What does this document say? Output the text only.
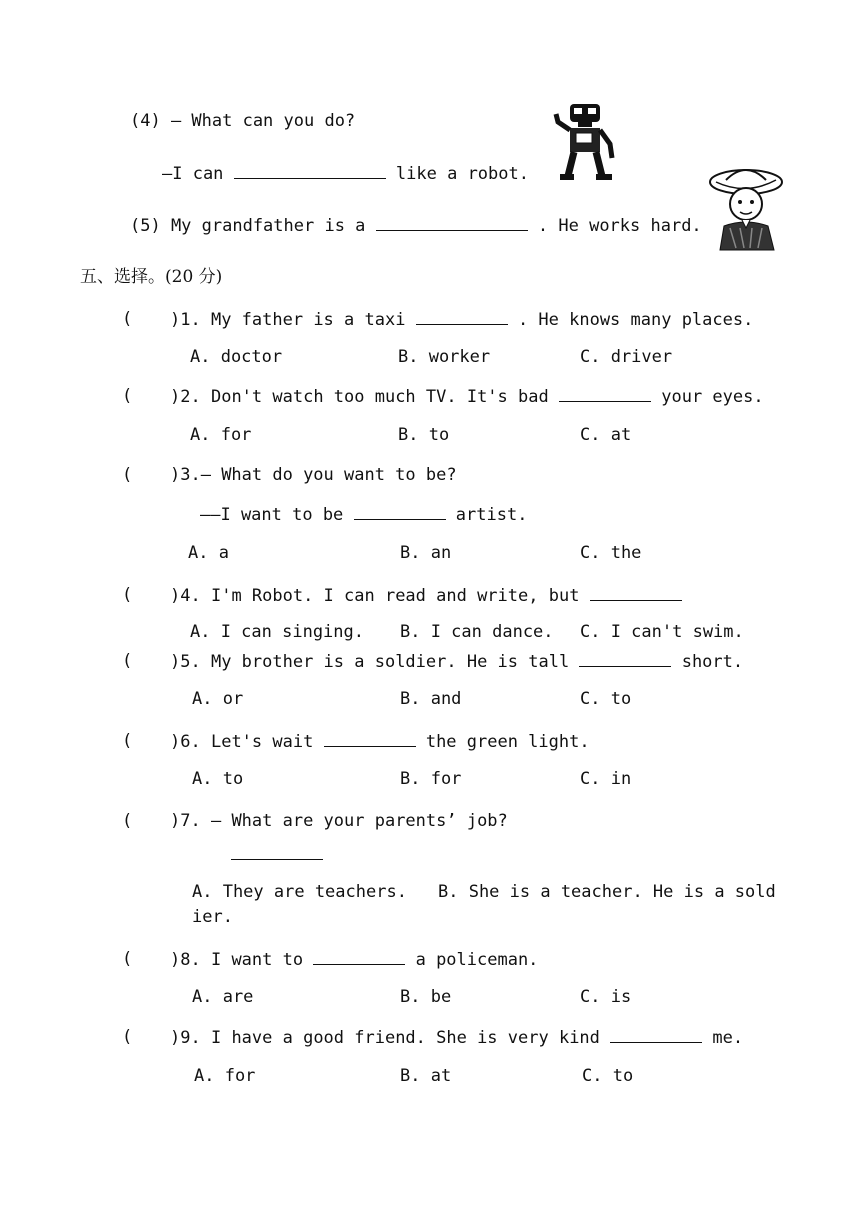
(4) — What can you do?
—I can	like a robot.
(5) My grandfather is a	. He works hard.
五、选择。(20 分)
( )1. My father is a taxi	. He knows many places.
A. doctor	B. worker	C. driver
( )2. Don't watch too much TV. It's bad	your eyes.
A. for	B. to	C. at
( )3.— What do you want to be?
——I want to be	artist.
A. a	B. an	C. the
( )4. I'm Robot. I can read and write, but
A. I can singing. B. I can dance. C. I can't swim.
( )5. My brother is a soldier. He is tall	short.
A. or	B. and	C. to
( )6. Let's wait	the green light.
A. to	B. for	C. in
( )7. — What are your parents’ job?
A. They are teachers. B. She is a teacher. He is a sold
ier.
( )8. I want to	a policeman.
A. are	B. be	C. is
( )9. I have a good friend. She is very kind	me.
A. for	B. at	C. to
